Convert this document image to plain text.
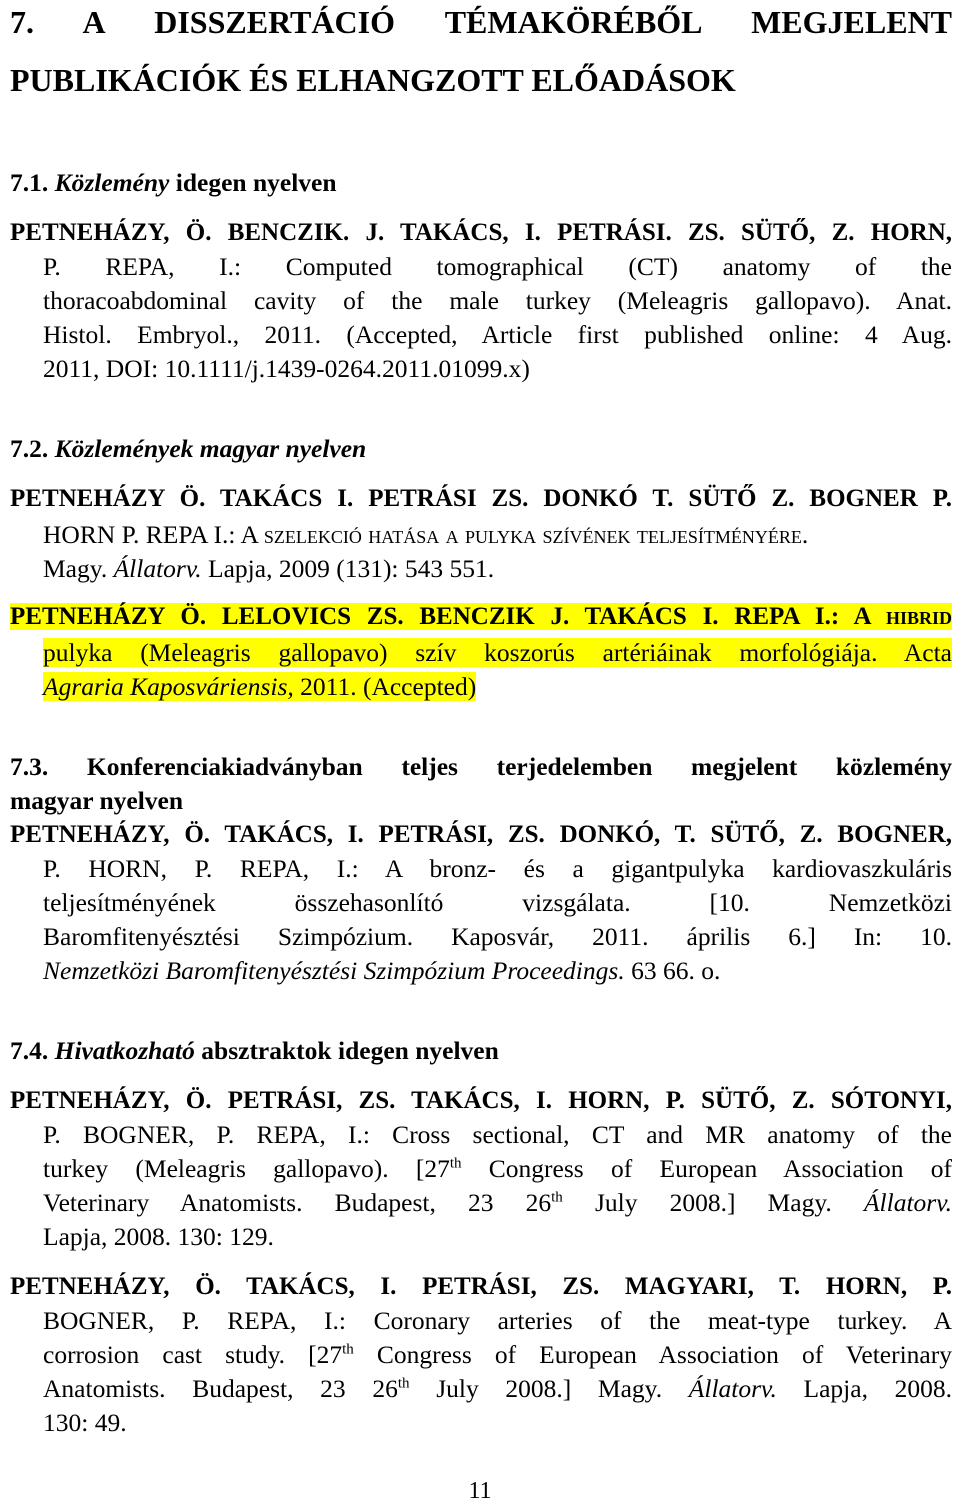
7. A DISSZERTÁCIÓ TÉMAKÖRÉBŐL MEGJELENT
PUBLIKÁCIÓK ÉS ELHANGZOTT ELŐADÁSOK
7.1. Közlemény idegen nyelven
PETNEHÁZY, Ö. BENCZIK. J. TAKÁCS, I. PETRÁSI. ZS. SÜTŐ, Z. HORN,
P. REPA, I.: Computed tomographical (CT) anatomy of the
thoracoabdominal cavity of the male turkey (Meleagris gallopavo). Anat.
Histol. Embryol., 2011. (Accepted, Article first published online: 4 Aug.
2011, DOI: 10.1111/j.1439-0264.2011.01099.x)
7.2. Közlemények magyar nyelven
PETNEHÁZY Ö. TAKÁCS I. PETRÁSI ZS. DONKÓ T. SÜTŐ Z. BOGNER P.
HORN P. REPA I.: A szelekció hatása a pulyka szívének teljesítményére.
Magy. Állatorv. Lapja, 2009 (131): 543 551.
PETNEHÁZY Ö. LELOVICS ZS. BENCZIK J. TAKÁCS I. REPA I.: A hibrid
pulyka (Meleagris gallopavo) szív koszorús artériáinak morfológiája. Acta
Agraria Kaposváriensis, 2011. (Accepted)
7.3. Konferenciakiadványban teljes terjedelemben megjelent közlemény
magyar nyelven
PETNEHÁZY, Ö. TAKÁCS, I. PETRÁSI, ZS. DONKÓ, T. SÜTŐ, Z. BOGNER,
P. HORN, P. REPA, I.: A bronz- és a gigantpulyka kardiovaszkuláris
teljesítményének összehasonlító vizsgálata. [10. Nemzetközi
Baromfitenyésztési Szimpózium. Kaposvár, 2011. április 6.] In: 10.
Nemzetközi Baromfitenyésztési Szimpózium Proceedings. 63 66. o.
7.4. Hivatkozható absztraktok idegen nyelven
PETNEHÁZY, Ö. PETRÁSI, ZS. TAKÁCS, I. HORN, P. SÜTŐ, Z. SÓTONYI,
P. BOGNER, P. REPA, I.: Cross sectional, CT and MR anatomy of the
turkey (Meleagris gallopavo). [27th Congress of European Association of
Veterinary Anatomists. Budapest, 23 26th July 2008.] Magy. Állatorv.
Lapja, 2008. 130: 129.
PETNEHÁZY, Ö. TAKÁCS, I. PETRÁSI, ZS. MAGYARI, T. HORN, P.
BOGNER, P. REPA, I.: Coronary arteries of the meat-type turkey. A
corrosion cast study. [27th Congress of European Association of Veterinary
Anatomists. Budapest, 23 26th July 2008.] Magy. Állatorv. Lapja, 2008.
130: 49.
11
